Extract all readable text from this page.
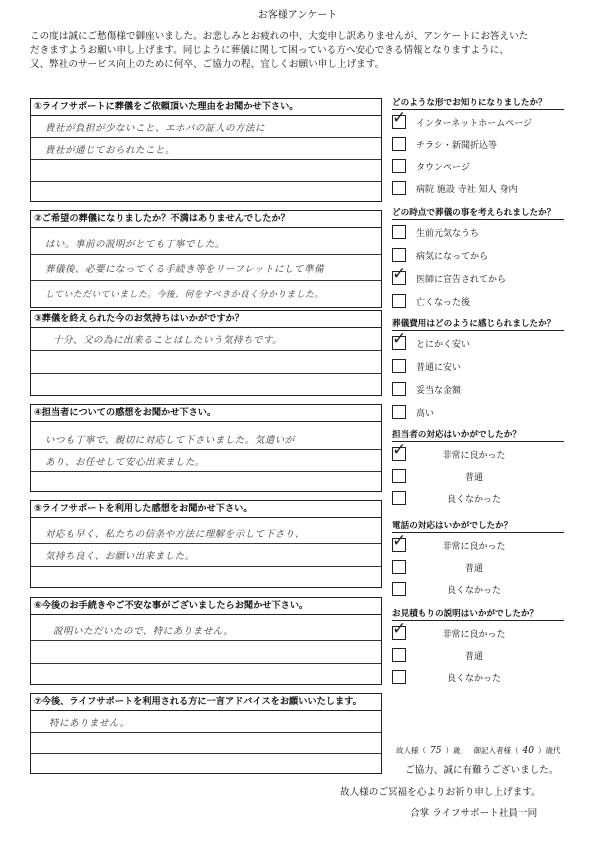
お客様アンケート
この度は誠にご愁傷様で御座いました。お悲しみとお疲れの中、大変申し訳ありませんが、アンケートにお答えいた
だきますようお願い申し上げます。同じように葬儀に関して困っている方へ安心できる情報となりますように、
又、弊社のサービス向上のために何卒、ご協力の程、宜しくお願い申し上げます。
①ライフサポートに葬儀をご依頼頂いた理由をお聞かせ下さい。
貴社が負担が少ないこと、エホバの証人の方法に
貴社が通じておられたこと。
②ご希望の葬儀になりましたか？不満はありませんでしたか？
はい。事前の説明がとても丁寧でした。
葬儀後、必要になってくる手続き等をリーフレットにして準備
していただいていました。今後、何をすべきか良く分かりました。
③葬儀を終えられた今のお気持ちはいかがですか？
十分、父の為に出来ることはしたいう気持ちです。
④担当者についての感想をお聞かせ下さい。
いつも丁寧で、親切に対応して下さいました。気遣いが
あり、お任せして安心出来ました。
⑤ライフサポートを利用した感想をお聞かせ下さい。
対応も早く、私たちの信条や方法に理解を示して下さり、
気持ち良く、お願い出来ました。
⑥今後のお手続きやご不安な事がございましたらお聞かせ下さい。
説明いただいたので、特にありません。
⑦今後、ライフサポートを利用される方に一言アドバイスをお願いいたします。
特にありません。
どのような形でお知りになりましたか？
✓ インターネットホームページ
チラシ・新聞折込等
タウンページ
病院 施設 寺社 知人 身内
どの時点で葬儀の事を考えられましたか？
生前元気なうち
病気になってから
✓ 医師に宣告されてから
亡くなった後
葬儀費用はどのように感じられましたか？
✓ とにかく安い
普通に安い
妥当な金額
高い
担当者の対応はいかがでしたか？
✓	非常に良かった
普通
良くなかった
電話の対応はいかがでしたか？
✓	非常に良かった
普通
良くなかった
お見積もりの説明はいかがでしたか？
✓	非常に良かった
普通
良くなかった
故人様（ 75 ）歳 御記入者様（ 40 ）歳代
ご協力、誠に有難うございました。
故人様のご冥福を心よりお祈り申し上げます。
合掌 ライフサポート社員一同
